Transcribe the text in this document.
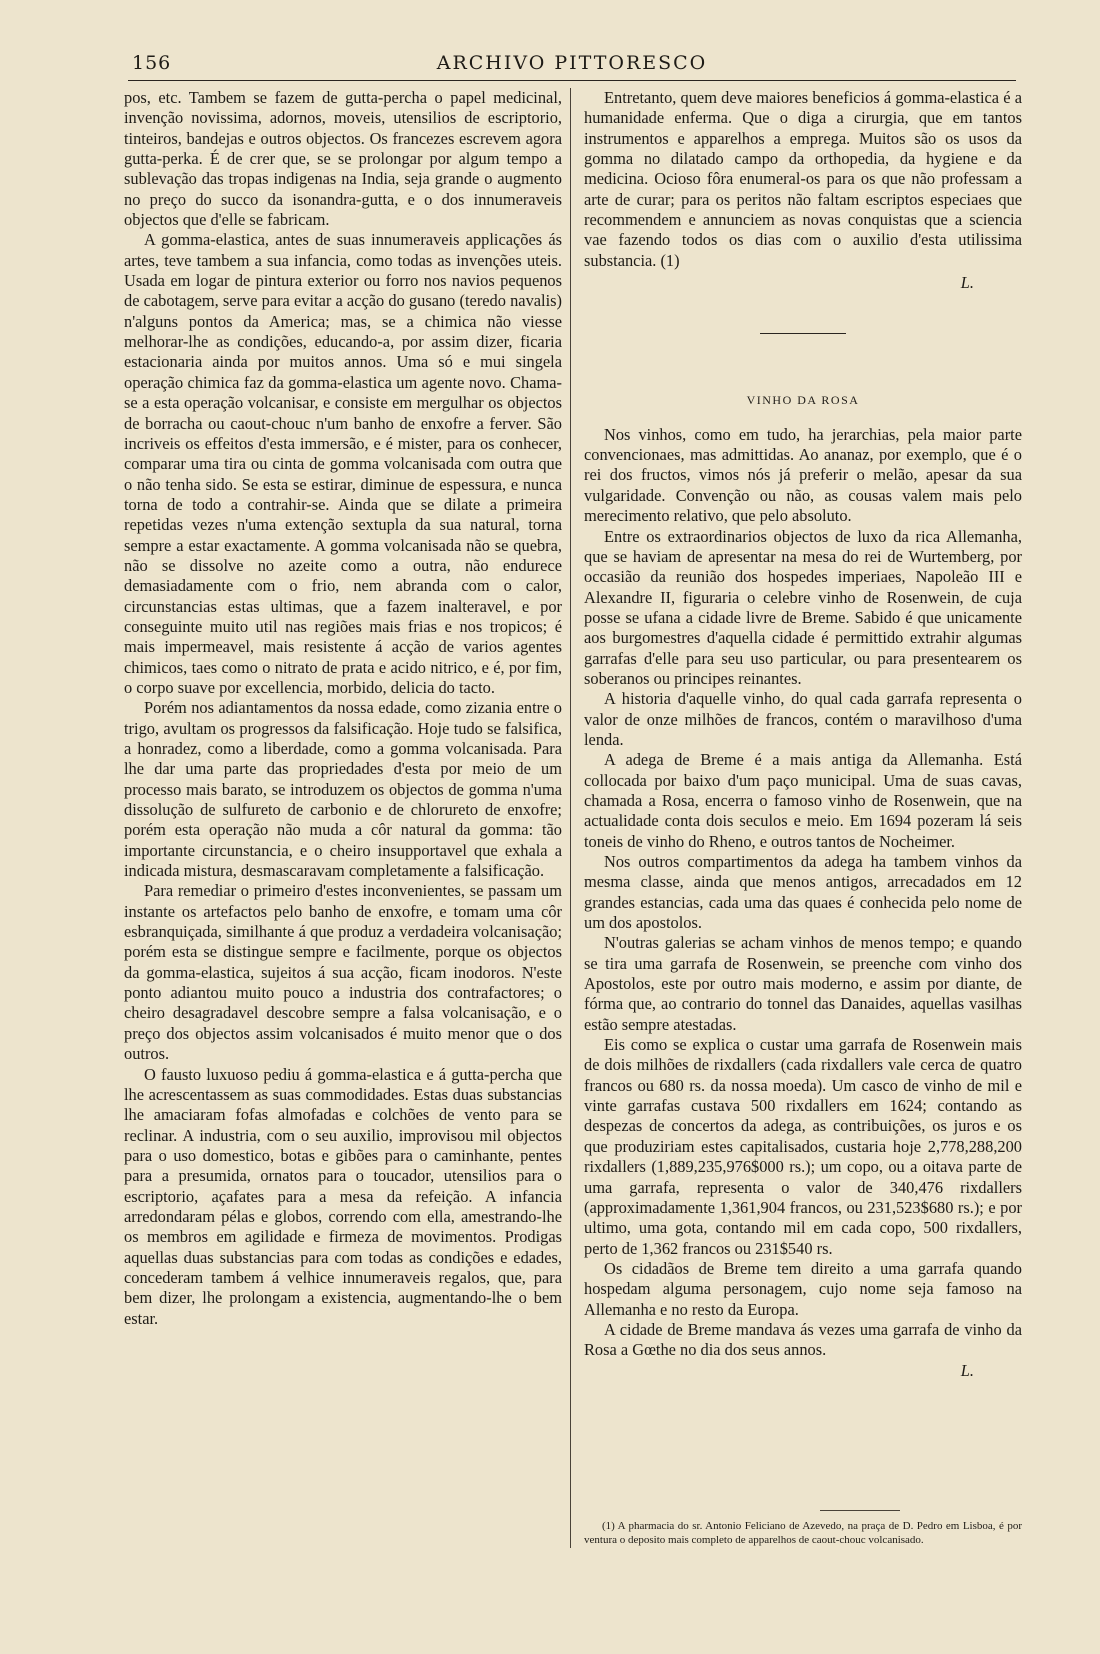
156	ARCHIVO PITTORESCO

pos, etc. Tambem se fazem de gutta-percha o papel medicinal, invenção novissima, adornos, moveis, utensilios de escriptorio, tinteiros, bandejas e outros objectos. Os francezes escrevem agora gutta-perka. É de crer que, se se prolongar por algum tempo a sublevação das tropas indigenas na India, seja grande o augmento no preço do succo da isonandra-gutta, e o dos innumeraveis objectos que d'elle se fabricam.

A gomma-elastica, antes de suas innumeraveis applicações ás artes, teve tambem a sua infancia, como todas as invenções uteis. Usada em logar de pintura exterior ou forro nos navios pequenos de cabotagem, serve para evitar a acção do gusano (teredo navalis) n'alguns pontos da America; mas, se a chimica não viesse melhorar-lhe as condições, educando-a, por assim dizer, ficaria estacionaria ainda por muitos annos. Uma só e mui singela operação chimica faz da gomma-elastica um agente novo. Chama-se a esta operação volcanisar, e consiste em mergulhar os objectos de borracha ou caout-chouc n'um banho de enxofre a ferver. São incriveis os effeitos d'esta immersão, e é mister, para os conhecer, comparar uma tira ou cinta de gomma volcanisada com outra que o não tenha sido. Se esta se estirar, diminue de espessura, e nunca torna de todo a contrahir-se. Ainda que se dilate a primeira repetidas vezes n'uma extenção sextupla da sua natural, torna sempre a estar exactamente. A gomma volcanisada não se quebra, não se dissolve no azeite como a outra, não endurece demasiadamente com o frio, nem abranda com o calor, circunstancias estas ultimas, que a fazem inalteravel, e por conseguinte muito util nas regiões mais frias e nos tropicos; é mais impermeavel, mais resistente á acção de varios agentes chimicos, taes como o nitrato de prata e acido nitrico, e é, por fim, o corpo suave por excellencia, morbido, delicia do tacto.

Porém nos adiantamentos da nossa edade, como zizania entre o trigo, avultam os progressos da falsificação. Hoje tudo se falsifica, a honradez, como a liberdade, como a gomma volcanisada. Para lhe dar uma parte das propriedades d'esta por meio de um processo mais barato, se introduzem os objectos de gomma n'uma dissolução de sulfureto de carbonio e de chloruretо de enxofre; porém esta operação não muda a côr natural da gomma: tão importante circunstancia, e o cheiro insupportavel que exhala a indicada mistura, desmascaravam completamente a falsificação.

Para remediar o primeiro d'estes inconvenientes, se passam um instante os artefactos pelo banho de enxofre, e tomam uma côr esbranquiçada, similhante á que produz a verdadeira volcanisação; porém esta se distingue sempre e facilmente, porque os objectos da gomma-elastica, sujeitos á sua acção, ficam inodoros. N'este ponto adiantou muito pouco a industria dos contrafactores; o cheiro desagradavel descobre sempre a falsa volcanisação, e o preço dos objectos assim volcanisados é muito menor que o dos outros.

O fausto luxuoso pediu á gomma-elastica e á gutta-percha que lhe acrescentassem as suas commodidades. Estas duas substancias lhe amaciaram fofas almofadas e colchões de vento para se reclinar. A industria, com o seu auxilio, improvisou mil objectos para o uso domestico, botas e gibões para o caminhante, pentes para a presumida, ornatos para o toucador, utensilios para o escriptorio, açafates para a mesa da refeição. A infancia arredondaram pélas e globos, correndo com ella, amestrando-lhe os membros em agilidade e firmeza de movimentos. Prodigas aquellas duas substancias para com todas as condições e edades, concederam tambem á velhice innumeraveis regalos, que, para bem dizer, lhe prolongam a existencia, augmentando-lhe o bem estar.

Entretanto, quem deve maiores beneficios á gomma-elastica é a humanidade enferma. Que o diga a cirurgia, que em tantos instrumentos e apparelhos a emprega. Muitos são os usos da gomma no dilatado campo da orthopedia, da hygiene e da medicina. Ocioso fôra enumeral-os para os que não professam a arte de curar; para os peritos não faltam escriptos especiaes que recommendem e annunciem as novas conquistas que a sciencia vae fazendo todos os dias com o auxilio d'esta utilissima substancia. (1)

L.

VINHO DA ROSA

Nos vinhos, como em tudo, ha jerarchias, pela maior parte convencionaes, mas admittidas. Ao ananaz, por exemplo, que é o rei dos fructos, vimos nós já preferir o melão, apesar da sua vulgaridade. Convenção ou não, as cousas valem mais pelo merecimento relativo, que pelo absoluto.

Entre os extraordinarios objectos de luxo da rica Allemanha, que se haviam de apresentar na mesa do rei de Wurtemberg, por occasião da reunião dos hospedes imperiaes, Napoleão III e Alexandre II, figuraria o celebre vinho de Rosenwein, de cuja posse se ufana a cidade livre de Breme. Sabido é que unicamente aos burgomestres d'aquella cidade é permittido extrahir algumas garrafas d'elle para seu uso particular, ou para presentearem os soberanos ou principes reinantes.

A historia d'aquelle vinho, do qual cada garrafa representa o valor de onze milhões de francos, contém o maravilhoso d'uma lenda.

A adega de Breme é a mais antiga da Allemanha. Está collocada por baixo d'um paço municipal. Uma de suas cavas, chamada a Rosa, encerra o famoso vinho de Rosenwein, que na actualidade conta dois seculos e meio. Em 1694 pozeram lá seis toneis de vinho do Rheno, e outros tantos de Nocheimer.

Nos outros compartimentos da adega ha tambem vinhos da mesma classe, ainda que menos antigos, arrecadados em 12 grandes estancias, cada uma das quaes é conhecida pelo nome de um dos apostolos.

N'outras galerias se acham vinhos de menos tempo; e quando se tira uma garrafa de Rosenwein, se preenche com vinho dos Apostolos, este por outro mais moderno, e assim por diante, de fórma que, ao contrario do tonnel das Danaides, aquellas vasilhas estão sempre atestadas.

Eis como se explica o custar uma garrafa de Rosenwein mais de dois milhões de rixdallers (cada rixdallers vale cerca de quatro francos ou 680 rs. da nossa moeda). Um casco de vinho de mil e vinte garrafas custava 500 rixdallers em 1624; contando as despezas de concertos da adega, as contribuições, os juros e os que produziriam estes capitalisados, custaria hoje 2,778,288,200 rixdallers (1,889,235,976$000 rs.); um copo, ou a oitava parte de uma garrafa, representa o valor de 340,476 rixdallers (approximadamente 1,361,904 francos, ou 231,523$680 rs.); e por ultimo, uma gota, contando mil em cada copo, 500 rixdallers, perto de 1,362 francos ou 231$540 rs.

Os cidadãos de Breme tem direito a uma garrafa quando hospedam alguma personagem, cujo nome seja famoso na Allemanha e no resto da Europa.

A cidade de Breme mandava ás vezes uma garrafa de vinho da Rosa a Gœthe no dia dos seus annos.

L.

(1) A pharmacia do sr. Antonio Feliciano de Azevedo, na praça de D. Pedro em Lisboa, é por ventura o deposito mais completo de apparelhos de caout-chouc volcanisado.
